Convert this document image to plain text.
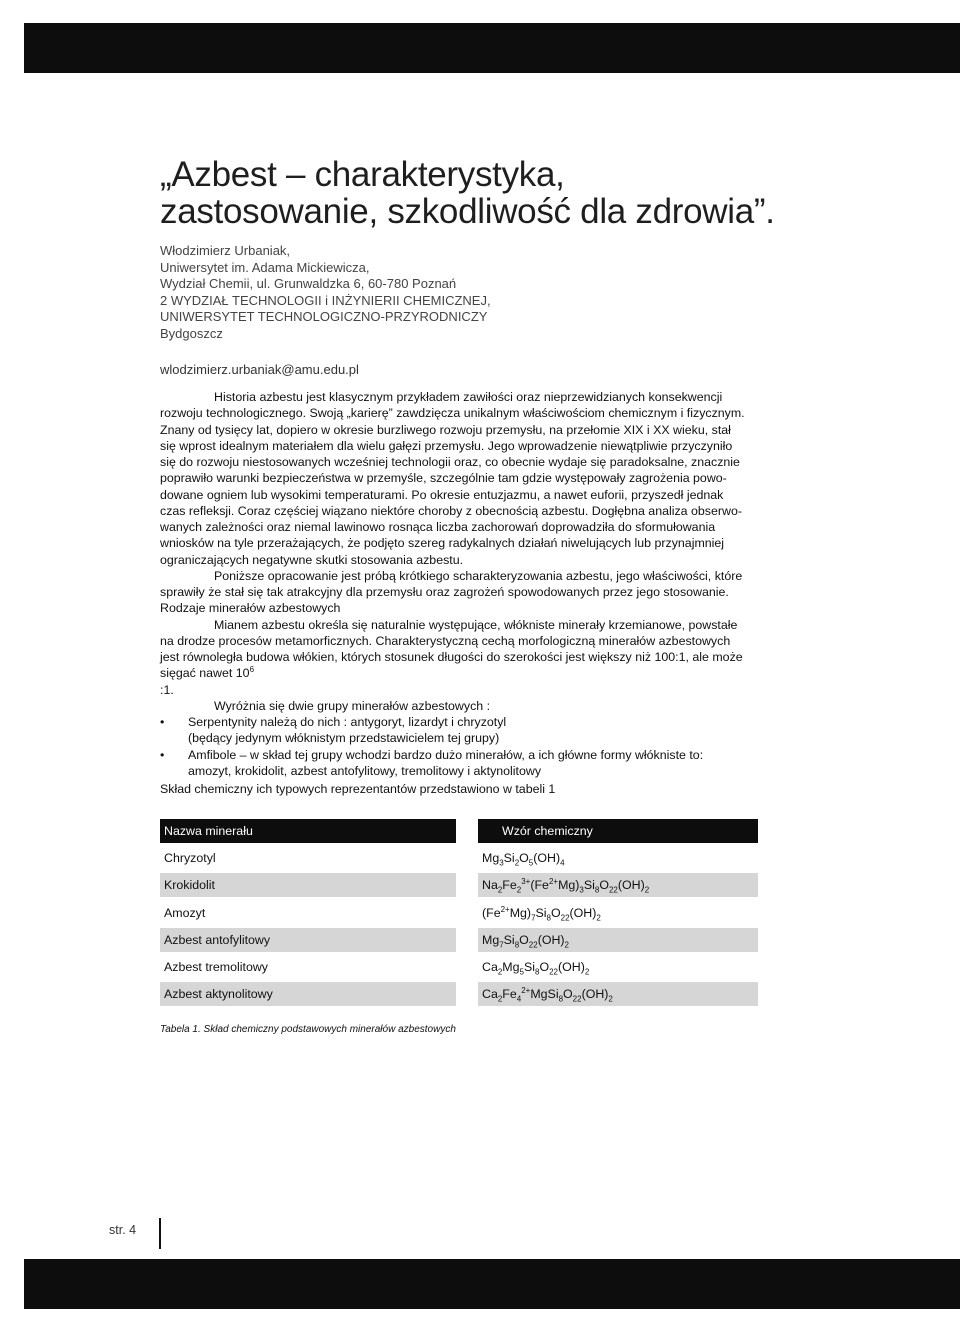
„Azbest – charakterystyka,
zastosowanie, szkodliwość dla zdrowia”.
Włodzimierz Urbaniak,
Uniwersytet im. Adama Mickiewicza,
Wydział Chemii, ul. Grunwaldzka 6, 60-780 Poznań
2 WYDZIAŁ TECHNOLOGII i INŻYNIERII CHEMICZNEJ,
UNIWERSYTET TECHNOLOGICZNO-PRZYRODNICZY
Bydgoszcz
wlodzimierz.urbaniak@amu.edu.pl
Historia azbestu jest klasycznym przykładem zawiłości oraz nieprzewidzianych konsekwencji
rozwoju technologicznego. Swoją „karierę” zawdzięcza unikalnym właściwościom chemicznym i fizycznym.
Znany od tysięcy lat, dopiero w okresie burzliwego rozwoju przemysłu, na przełomie XIX i XX wieku, stał
się wprost idealnym materiałem dla wielu gałęzi przemysłu. Jego wprowadzenie niewątpliwie przyczyniło
się do rozwoju niestosowanych wcześniej technologii oraz, co obecnie wydaje się paradoksalne, znacznie
poprawiło warunki bezpieczeństwa w przemyśle, szczególnie tam gdzie występowały zagrożenia powo-
dowane ogniem lub wysokimi temperaturami. Po okresie entuzjazmu, a nawet euforii, przyszedł jednak
czas refleksji. Coraz częściej wiązano niektóre choroby z obecnością azbestu. Dogłębna analiza obserwo-
wanych zależności oraz niemal lawinowo rosnąca liczba zachorowań doprowadziła do sformułowania
wniosków na tyle przerażających, że podjęto szereg radykalnych działań niwelujących lub przynajmniej
ograniczających negatywne skutki stosowania azbestu.
Poniższe opracowanie jest próbą krótkiego scharakteryzowania azbestu, jego właściwości, które
sprawiły że stał się tak atrakcyjny dla przemysłu oraz zagrożeń spowodowanych przez jego stosowanie.
Rodzaje minerałów azbestowych
Mianem azbestu określa się naturalnie występujące, włókniste minerały krzemianowe, powstałe
na drodze procesów metamorficznych. Charakterystyczną cechą morfologiczną minerałów azbestowych
jest równoległa budowa włókien, których stosunek długości do szerokości jest większy niż 100:1, ale może
sięgać nawet $10^6$
:1.
Wyróżnia się dwie grupy minerałów azbestowych :
• Serpentynity należą do nich : antygoryt, lizardyt i chryzotyl
(będący jedynym włóknistym przedstawicielem tej grupy)
• Amfibole – w skład tej grupy wchodzi bardzo dużo minerałów, a ich główne formy włókniste to:
amozyt, krokidolit, azbest antofylitowy, tremolitowy i aktynolitowy
Skład chemiczny ich typowych reprezentantów przedstawiono w tabeli 1
Nazwa minerału	Wzór chemiczny
Chryzotyl	$Mg_3Si_2O_5(OH)_4$
Krokidolit	$Na_2Fe_2^{3+}(Fe^{2+}Mg)_3Si_8O_{22}(OH)_2$
Amozyt	$(Fe^{2+}Mg)_7Si_8O_{22}(OH)_2$
Azbest antofylitowy	$Mg_7Si_8O_{22}(OH)_2$
Azbest tremolitowy	$Ca_2Mg_5Si_8O_{22}(OH)_2$
Azbest aktynolitowy	$Ca_2Fe_4^{2+}MgSi_8O_{22}(OH)_2$
Tabela 1. Skład chemiczny podstawowych minerałów azbestowych
str. 4
